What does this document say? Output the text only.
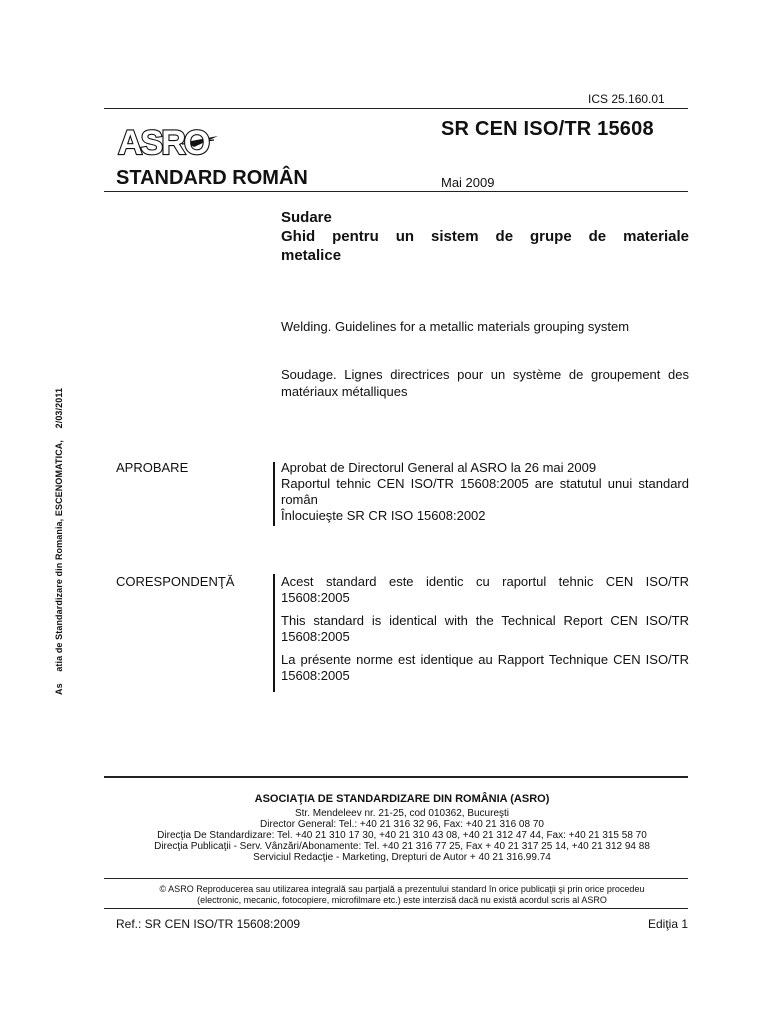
ICS 25.160.01
ASRO	SR CEN ISO/TR 15608
STANDARD ROMÂN	Mai 2009
Sudare
Ghid pentru un sistem de grupe de materiale
metalice
Welding. Guidelines for a metallic materials grouping system
Soudage. Lignes directrices pour un système de groupement des matériaux métalliques
APROBARE	Aprobat de Directorul General al ASRO la 26 mai 2009

Raportul tehnic CEN ISO/TR 15608:2005 are statutul unui standard român

Înlocuieşte SR CR ISO 15608:2002

CORESPONDENŢĂ	Acest standard este identic cu raportul tehnic CEN ISO/TR 15608:2005

This standard is identical with the Technical Report CEN ISO/TR 15608:2005

La présente norme est identique au Rapport Technique CEN ISO/TR 15608:2005

As atia de Standardizare din Romania, ESCENOMATICA, 2/03/2011
ASOCIAŢIA DE STANDARDIZARE DIN ROMÂNIA (ASRO)
Str. Mendeleev nr. 21-25, cod 010362, Bucureşti
Director General: Tel.: +40 21 316 32 96, Fax: +40 21 316 08 70
Direcţia De Standardizare: Tel. +40 21 310 17 30, +40 21 310 43 08, +40 21 312 47 44, Fax: +40 21 315 58 70
Direcţia Publicaţii - Serv. Vânzări/Abonamente: Tel. +40 21 316 77 25, Fax + 40 21 317 25 14, +40 21 312 94 88
Serviciul Redacţie - Marketing, Drepturi de Autor + 40 21 316.99.74
© ASRO Reproducerea sau utilizarea integrală sau parţială a prezentului standard în orice publicaţii şi prin orice procedeu
(electronic, mecanic, fotocopiere, microfilmare etc.) este interzisă dacă nu există acordul scris al ASRO
Ref.: SR CEN ISO/TR 15608:2009	Ediţia 1
